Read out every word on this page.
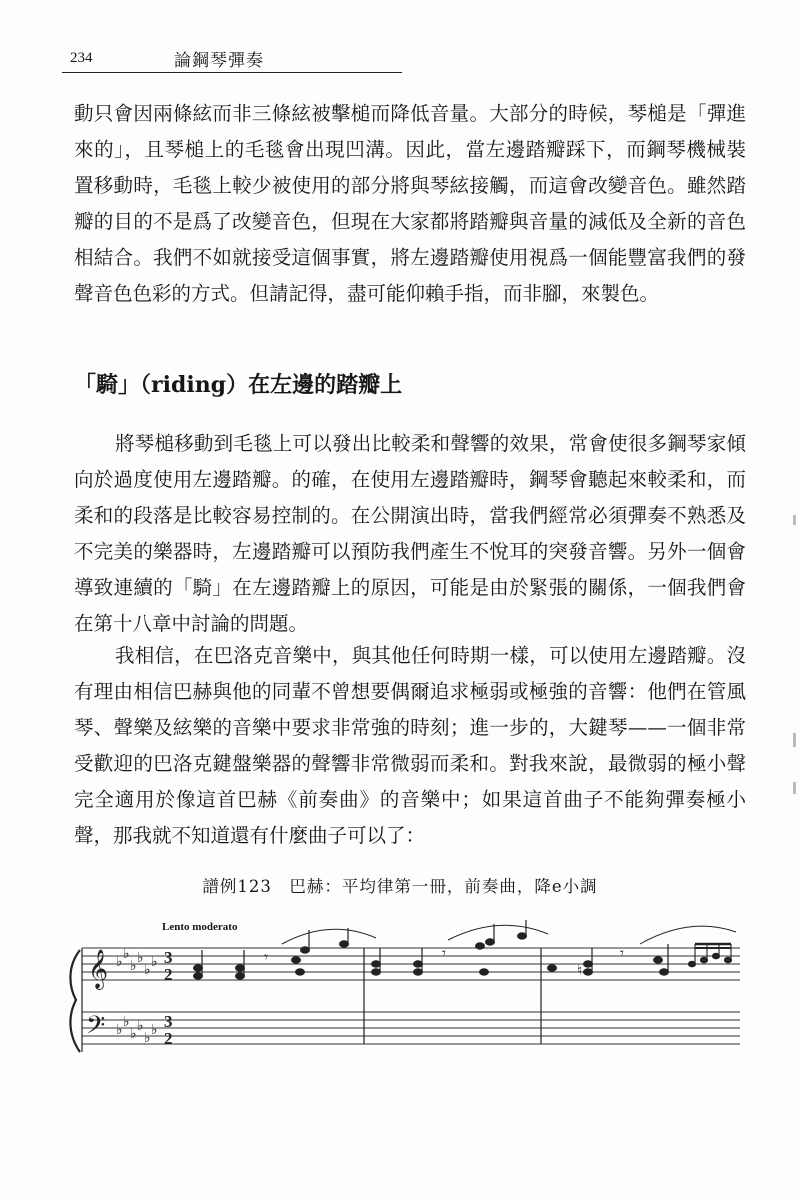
234	論鋼琴彈奏

動只會因兩條絃而非三條絃被擊槌而降低音量。大部分的時候，琴槌是「彈進來的」，且琴槌上的毛毯會出現凹溝。因此，當左邊踏瓣踩下，而鋼琴機械裝置移動時，毛毯上較少被使用的部分將與琴絃接觸，而這會改變音色。雖然踏瓣的目的不是爲了改變音色，但現在大家都將踏瓣與音量的減低及全新的音色相結合。我們不如就接受這個事實，將左邊踏瓣使用視爲一個能豐富我們的發聲音色色彩的方式。但請記得，盡可能仰賴手指，而非腳，來製色。

「騎」（riding）在左邊的踏瓣上

將琴槌移動到毛毯上可以發出比較柔和聲響的效果，常會使很多鋼琴家傾向於過度使用左邊踏瓣。的確，在使用左邊踏瓣時，鋼琴會聽起來較柔和，而柔和的段落是比較容易控制的。在公開演出時，當我們經常必須彈奏不熟悉及不完美的樂器時，左邊踏瓣可以預防我們產生不悅耳的突發音響。另外一個會導致連續的「騎」在左邊踏瓣上的原因，可能是由於緊張的關係，一個我們會在第十八章中討論的問題。

我相信，在巴洛克音樂中，與其他任何時期一樣，可以使用左邊踏瓣。沒有理由相信巴赫與他的同輩不曾想要偶爾追求極弱或極強的音響：他們在管風琴、聲樂及絃樂的音樂中要求非常強的時刻；進一步的，大鍵琴——一個非常受歡迎的巴洛克鍵盤樂器的聲響非常微弱而柔和。對我來說，最微弱的極小聲完全適用於像這首巴赫《前奏曲》的音樂中；如果這首曲子不能夠彈奏極小聲，那我就不知道還有什麼曲子可以了：

譜例123　巴赫：平均律第一冊，前奏曲，降e小調
Lento moderato
𝄞
𝄢
♭ ♭
♭ ♭
♭ ♭
♭ ♭
♭ ♭
♭ ♭
3
2
3
2
𝄾	𝄾	𝄾
♮
